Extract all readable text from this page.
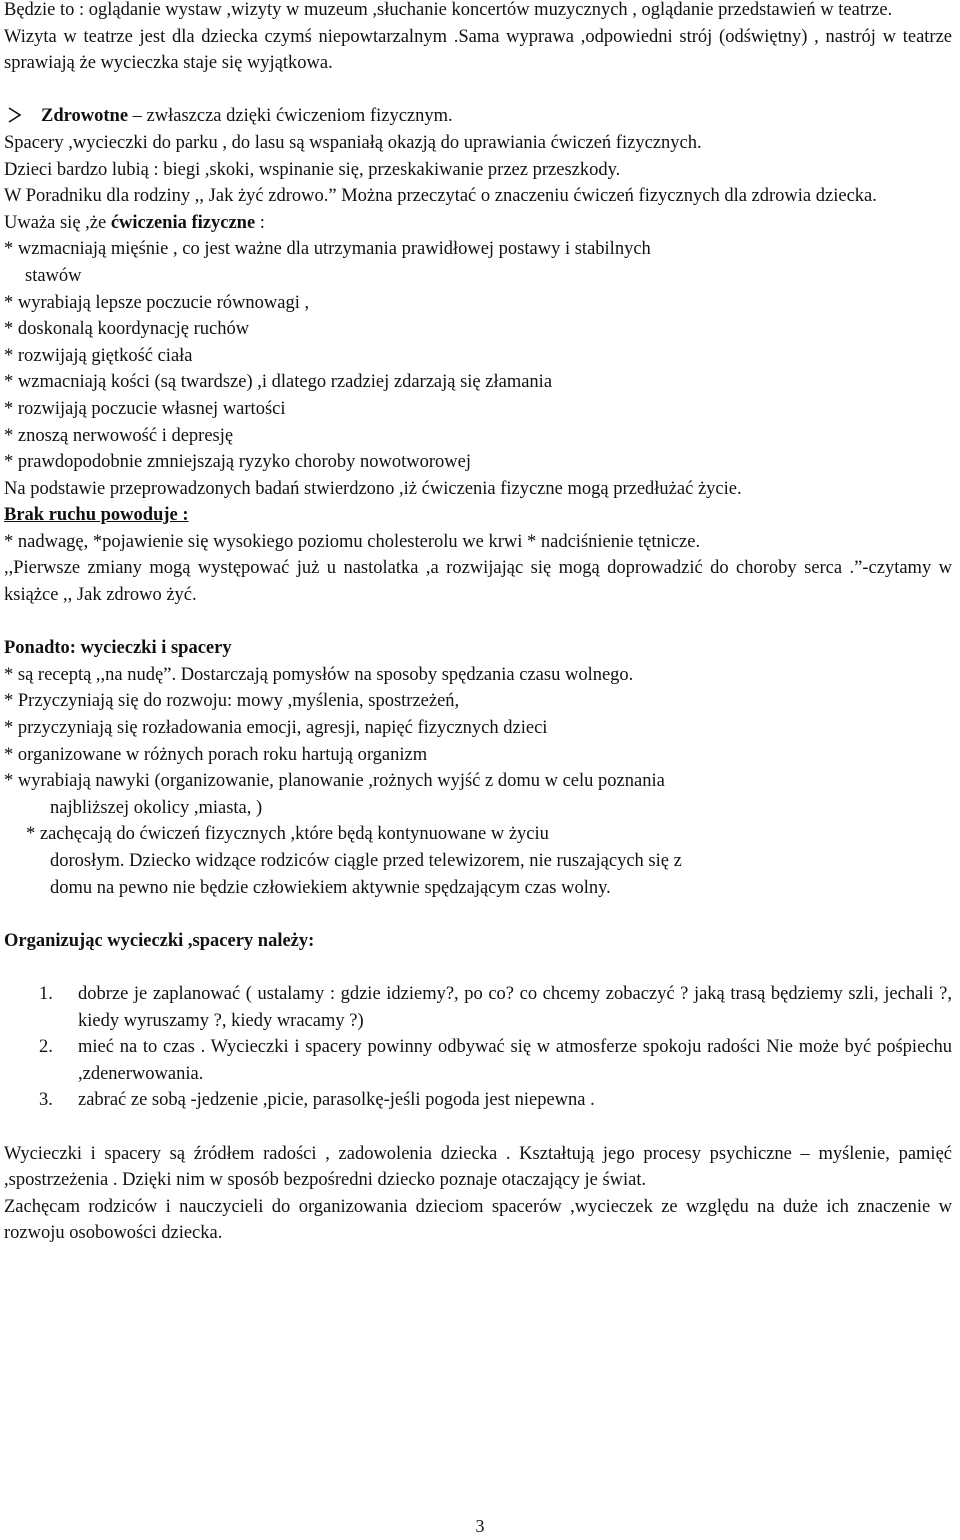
Będzie to : oglądanie wystaw ,wizyty w muzeum ,słuchanie koncertów muzycznych , oglądanie przedstawień w teatrze.

Wizyta w teatrze jest dla dziecka czymś niepowtarzalnym .Sama wyprawa ,odpowiedni strój (odświętny) , nastrój w teatrze sprawiają że wycieczka staje się wyjątkowa.

Zdrowotne – zwłaszcza dzięki ćwiczeniom fizycznym.

Spacery ,wycieczki do parku , do lasu są wspaniałą okazją do uprawiania ćwiczeń fizycznych.

Dzieci bardzo lubią : biegi ,skoki, wspinanie się, przeskakiwanie przez przeszkody.

W Poradniku dla rodziny ,, Jak żyć zdrowo.” Można przeczytać o znaczeniu ćwiczeń fizycznych dla zdrowia dziecka.

Uważa się ,że ćwiczenia fizyczne :

* wzmacniają mięśnie , co jest ważne dla utrzymania prawidłowej postawy i stabilnych

stawów

* wyrabiają lepsze poczucie równowagi ,

* doskonalą koordynację ruchów

* rozwijają giętkość ciała

* wzmacniają kości (są twardsze) ,i dlatego rzadziej zdarzają się złamania

* rozwijają poczucie własnej wartości

* znoszą nerwowość i depresję

* prawdopodobnie zmniejszają ryzyko choroby nowotworowej

Na podstawie przeprowadzonych badań stwierdzono ,iż ćwiczenia fizyczne mogą przedłużać życie.

Brak ruchu powoduje :

* nadwagę, *pojawienie się wysokiego poziomu cholesterolu we krwi * nadciśnienie tętnicze.

,,Pierwsze zmiany mogą występować już u nastolatka ,a rozwijając się mogą doprowadzić do choroby serca .”-czytamy w książce ,, Jak zdrowo żyć.

Ponadto: wycieczki i spacery

* są receptą ,,na nudę”. Dostarczają pomysłów na sposoby spędzania czasu wolnego.

* Przyczyniają się do rozwoju: mowy ,myślenia, spostrzeżeń,

* przyczyniają się rozładowania emocji, agresji, napięć fizycznych dzieci

* organizowane w różnych porach roku hartują organizm

* wyrabiają nawyki (organizowanie, planowanie ,rożnych wyjść z domu w celu poznania

najbliższej okolicy ,miasta, )

* zachęcają do ćwiczeń fizycznych ,które będą kontynuowane w życiu

dorosłym. Dziecko widzące rodziców ciągle przed telewizorem, nie ruszających się z

domu na pewno nie będzie człowiekiem aktywnie spędzającym czas wolny.

Organizując wycieczki ,spacery należy:

1. dobrze je zaplanować ( ustalamy : gdzie idziemy?, po co? co chcemy zobaczyć ? jaką trasą będziemy szli, jechali ?, kiedy wyruszamy ?, kiedy wracamy ?)

2. mieć na to czas . Wycieczki i spacery powinny odbywać się w atmosferze spokoju radości Nie może być pośpiechu ,zdenerwowania.

3. zabrać ze sobą -jedzenie ,picie, parasolkę-jeśli pogoda jest niepewna .

Wycieczki i spacery są źródłem radości , zadowolenia dziecka . Kształtują jego procesy psychiczne – myślenie, pamięć ,spostrzeżenia . Dzięki nim w sposób bezpośredni dziecko poznaje otaczający je świat.

Zachęcam rodziców i nauczycieli do organizowania dzieciom spacerów ,wycieczek ze względu na duże ich znaczenie w rozwoju osobowości dziecka.

3
